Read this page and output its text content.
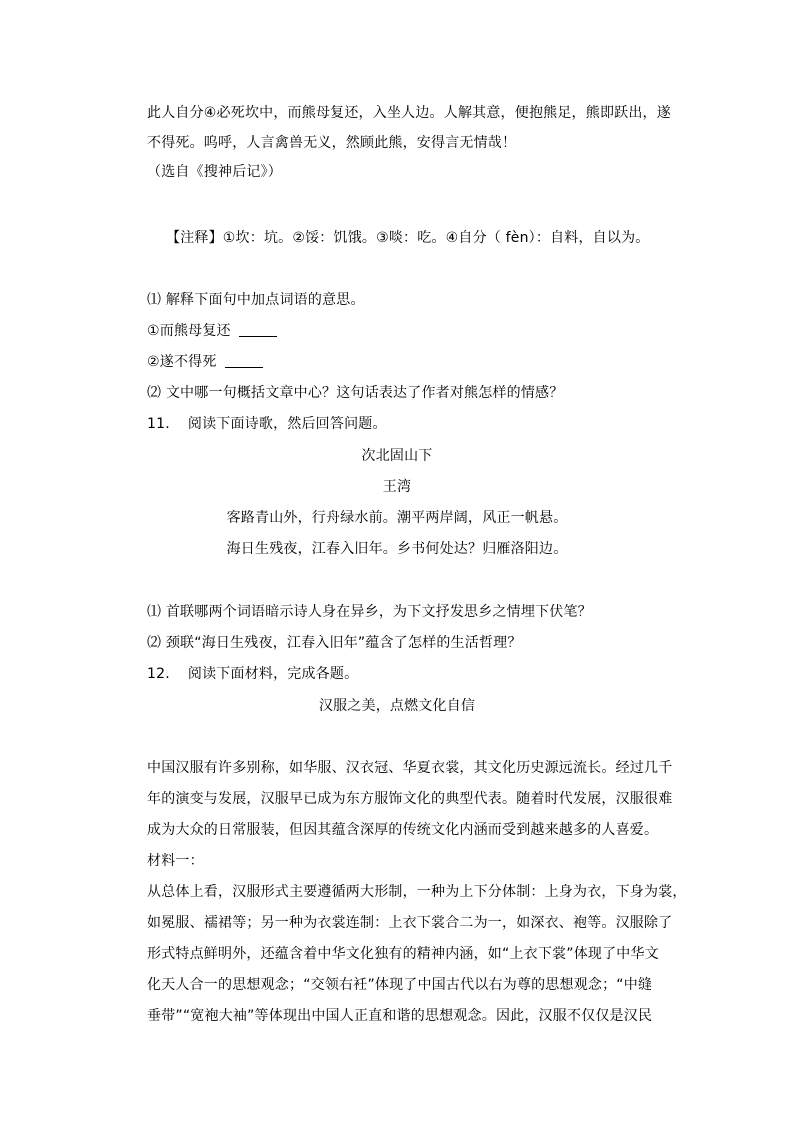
此人自分④必死坎中，而熊母复还，入坐人边。人解其意，便抱熊足，熊即跃出，遂
不得死。呜呼，人言禽兽无义，然顾此熊，安得言无情哉！
（选自《搜神后记》）
【注释】①坎：坑。②馁：饥饿。③啖：吃。④自分（ fèn）：自料，自以为。
⑴ 解释下面句中加点词语的意思。
①而熊母复还
②遂不得死
⑵ 文中哪一句概括文章中心？这句话表达了作者对熊怎样的情感？
11. 阅读下面诗歌，然后回答问题。
次北固山下
王湾
客路青山外，行舟绿水前。潮平两岸阔，风正一帆悬。
海日生残夜，江春入旧年。乡书何处达？归雁洛阳边。
⑴ 首联哪两个词语暗示诗人身在异乡，为下文抒发思乡之情埋下伏笔？
⑵ 颈联“海日生残夜，江春入旧年”蕴含了怎样的生活哲理？
12. 阅读下面材料，完成各题。
汉服之美，点燃文化自信
中国汉服有许多别称，如华服、汉衣冠、华夏衣裳，其文化历史源远流长。经过几千
年的演变与发展，汉服早已成为东方服饰文化的典型代表。随着时代发展，汉服很难
成为大众的日常服装，但因其蕴含深厚的传统文化内涵而受到越来越多的人喜爱。
材料一：
从总体上看，汉服形式主要遵循两大形制，一种为上下分体制：上身为衣，下身为裳，
如冕服、襦裙等；另一种为衣裳连制：上衣下裳合二为一，如深衣、袍等。汉服除了
形式特点鲜明外，还蕴含着中华文化独有的精神内涵，如“上衣下裳”体现了中华文
化天人合一的思想观念；“交领右衽”体现了中国古代以右为尊的思想观念；“中缝
垂带”“宽袍大袖”等体现出中国人正直和谐的思想观念。因此，汉服不仅仅是汉民
